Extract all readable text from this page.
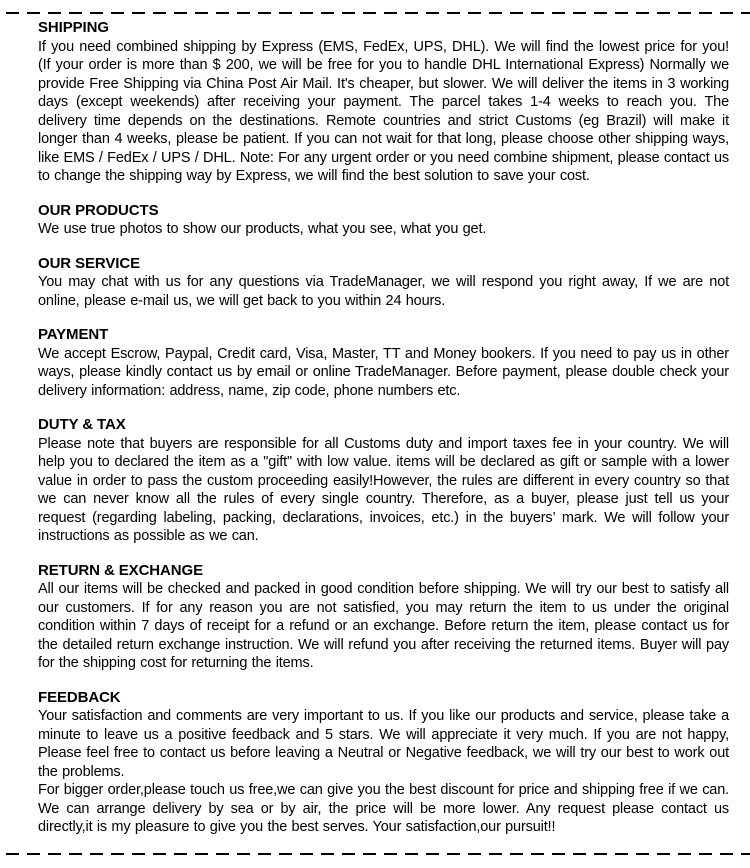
SHIPPING

If you need combined shipping by Express (EMS, FedEx, UPS, DHL). We will find the lowest price for you! (If your order is more than $ 200, we will be free for you to handle DHL International Express) Normally we provide Free Shipping via China Post Air Mail. It's cheaper, but slower. We will deliver the items in 3 working days (except weekends) after receiving your payment. The parcel takes 1-4 weeks to reach you. The delivery time depends on the destinations. Remote countries and strict Customs (eg Brazil) will make it longer than 4 weeks, please be patient. If you can not wait for that long, please choose other shipping ways, like EMS / FedEx / UPS / DHL. Note: For any urgent order or you need combine shipment, please contact us to change the shipping way by Express, we will find the best solution to save your cost.

OUR PRODUCTS

We use true photos to show our products, what you see, what you get.

OUR SERVICE

You may chat with us for any questions via TradeManager, we will respond you right away, If we are not online, please e-mail us, we will get back to you within 24 hours.

PAYMENT

We accept Escrow, Paypal, Credit card, Visa, Master, TT and Money bookers. If you need to pay us in other ways, please kindly contact us by email or online TradeManager. Before payment, please double check your delivery information: address, name, zip code, phone numbers etc.

DUTY & TAX

Please note that buyers are responsible for all Customs duty and import taxes fee in your country. We will help you to declared the item as a "gift" with low value. items will be declared as gift or sample with a lower value in order to pass the custom proceeding easily!However, the rules are different in every country so that we can never know all the rules of every single country. Therefore, as a buyer, please just tell us your request (regarding labeling, packing, declarations, invoices, etc.) in the buyers’ mark. We will follow your instructions as possible as we can.

RETURN & EXCHANGE

All our items will be checked and packed in good condition before shipping. We will try our best to satisfy all our customers. If for any reason you are not satisfied, you may return the item to us under the original condition within 7 days of receipt for a refund or an exchange. Before return the item, please contact us for the detailed return exchange instruction. We will refund you after receiving the returned items. Buyer will pay for the shipping cost for returning the items.

FEEDBACK

Your satisfaction and comments are very important to us. If you like our products and service, please take a minute to leave us a positive feedback and 5 stars. We will appreciate it very much. If you are not happy, Please feel free to contact us before leaving a Neutral or Negative feedback, we will try our best to work out the problems.

For bigger order,please touch us free,we can give you the best discount for price and shipping free if we can. We can arrange delivery by sea or by air, the price will be more lower. Any request please contact us directly,it is my pleasure to give you the best serves. Your satisfaction,our pursuit!!
